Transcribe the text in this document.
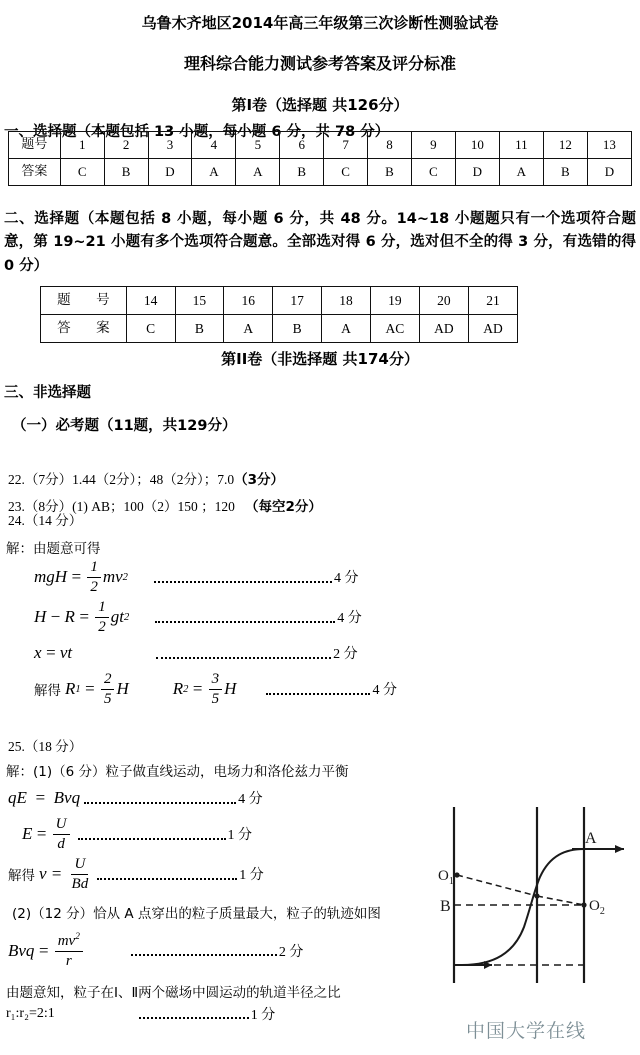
乌鲁木齐地区2014年高三年级第三次诊断性测验试卷
理科综合能力测试参考答案及评分标准
第I卷（选择题 共126分）
一、选择题（本题包括 13 小题，每小题 6 分，共 78 分）
题号	1	2	3	4	5	6	7	8	9	10	11	12	13
答案	C	B	D	A	A	B	C	B	C	D	A	B	D
二、选择题（本题包括 8 小题，每小题 6 分，共 48 分。14~18 小题题只有一个选项符合题意，第 19~21 小题有多个选项符合题意。全部选对得 6 分，选对但不全的得 3 分，有选错的得 0 分）
题　号	14	15	16	17	18	19	20	21
答　案	C	B	A	B	A	AC	AD	AD
第II卷（非选择题 共174分）
三、非选择题
（一）必考题（11题，共129分）
22.（7分）1.44（2分）；48（2分）；7.0（3分）
23.（8分）(1) AB；100（2）150 ；120 　（每空2分）
24.（14 分）
解：由题意可得
mgH =  $\frac{1}{2}$ mv 2	4 分
$H - R = \frac{1}{2}$ gt 2	4 分
x = vt	2 分
解得 R $1 = \frac{2}{5}$ H	R $2 = \frac{3}{5}$ H	4 分
25.（18 分）
解：(1)（6 分）粒子做直线运动，电场力和洛伦兹力平衡
qE  =  Bvq	4 分
$E = \frac{U}{d}$	1 分
解得 $v = \frac{U}{Bd}$	1 分
(2)（12 分）恰从 A 点穿出的粒子质量最大，粒子的轨迹如图
Bvq =  $\frac{mv^2}{r}$	2 分
由题意知，粒子在Ⅰ、Ⅱ两个磁场中圆运动的轨道半径之比
r₁:r₂=2:1	1 分
A
B
$O_1$
$O_2$
中国大学在线
